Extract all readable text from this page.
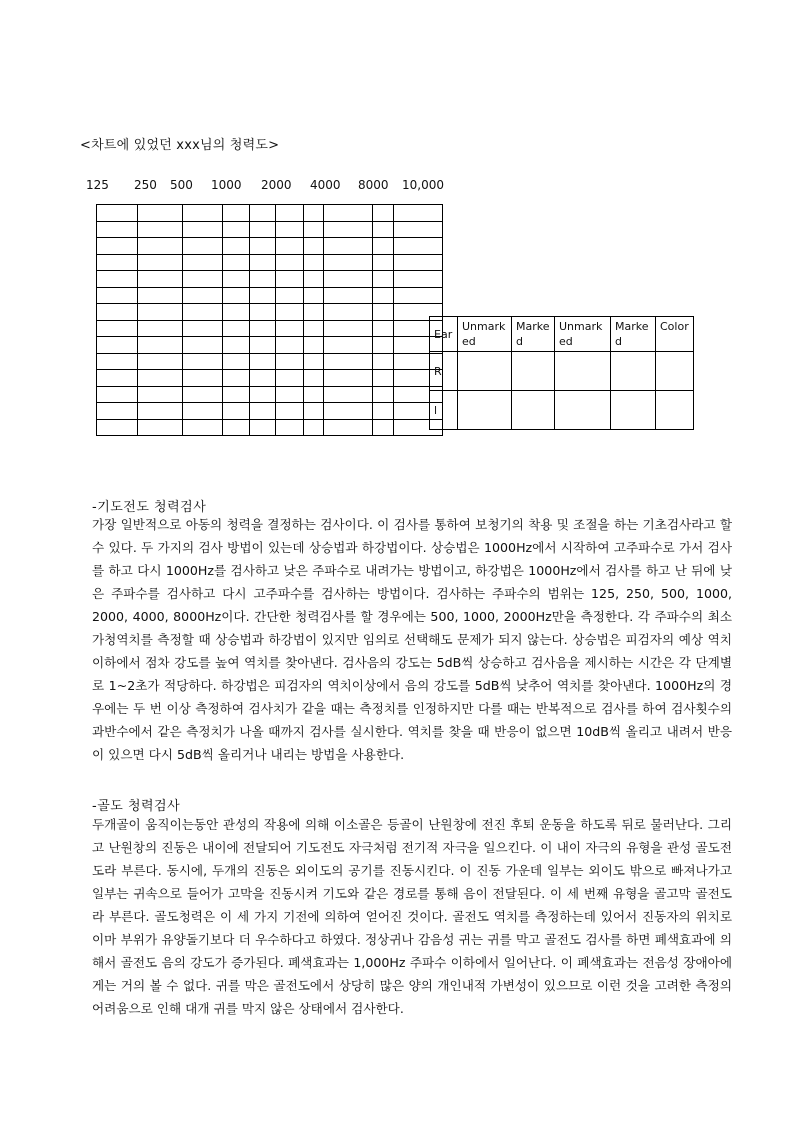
<차트에 있었던 xxx님의 청력도>
125 250 500 1000 2000 4000 8000 10,000

Ear	Unmarked	Marked	Unmarked	Marked	Color
R					
l					
-기도전도 청력검사

가장 일반적으로 아동의 청력을 결정하는 검사이다. 이 검사를 통하여 보청기의 착용 및 조절을 하는 기초검사라고 할 수 있다. 두 가지의 검사 방법이 있는데 상승법과 하강법이다. 상승법은 1000Hz에서 시작하여 고주파수로 가서 검사를 하고 다시 1000Hz를 검사하고 낮은 주파수로 내려가는 방법이고, 하강법은 1000Hz에서 검사를 하고 난 뒤에 낮은 주파수를 검사하고 다시 고주파수를 검사하는 방법이다. 검사하는 주파수의 범위는 125, 250, 500, 1000, 2000, 4000, 8000Hz이다. 간단한 청력검사를 할 경우에는 500, 1000, 2000Hz만을 측정한다. 각 주파수의 최소가청역치를 측정할 때 상승법과 하강법이 있지만 임의로 선택해도 문제가 되지 않는다. 상승법은 피검자의 예상 역치 이하에서 점차 강도를 높여 역치를 찾아낸다. 검사음의 강도는 5dB씩 상승하고 검사음을 제시하는 시간은 각 단계별로 1~2초가 적당하다. 하강법은 피검자의 역치이상에서 음의 강도를 5dB씩 낮추어 역치를 찾아낸다. 1000Hz의 경우에는 두 번 이상 측정하여 검사치가 같을 때는 측정치를 인정하지만 다를 때는 반복적으로 검사를 하여 검사횟수의 과반수에서 같은 측정치가 나올 때까지 검사를 실시한다. 역치를 찾을 때 반응이 없으면 10dB씩 올리고 내려서 반응이 있으면 다시 5dB씩 올리거나 내리는 방법을 사용한다.

-골도 청력검사

두개골이 움직이는동안 관성의 작용에 의해 이소골은 등골이 난원창에 전진 후퇴 운동을 하도록 뒤로 물러난다. 그리고 난원창의 진동은 내이에 전달되어 기도전도 자극처럼 전기적 자극을 일으킨다. 이 내이 자극의 유형을 관성 골도전도라 부른다. 동시에, 두개의 진동은 외이도의 공기를 진동시킨다. 이 진동 가운데 일부는 외이도 밖으로 빠져나가고 일부는 귀속으로 들어가 고막을 진동시켜 기도와 같은 경로를 통해 음이 전달된다. 이 세 번째 유형을 골고막 골전도 라 부른다. 골도청력은 이 세 가지 기전에 의하여 얻어진 것이다. 골전도 역치를 측정하는데 있어서 진동자의 위치로 이마 부위가 유양돌기보다 더 우수하다고 하였다. 정상귀나 감음성 귀는 귀를 막고 골전도 검사를 하면 폐색효과에 의해서 골전도 음의 강도가 증가된다. 폐색효과는 1,000Hz 주파수 이하에서 일어난다. 이 폐색효과는 전음성 장애아에게는 거의 볼 수 없다. 귀를 막은 골전도에서 상당히 많은 양의 개인내적 가변성이 있으므로 이런 것을 고려한 측정의 어려움으로 인해 대개 귀를 막지 않은 상태에서 검사한다.
